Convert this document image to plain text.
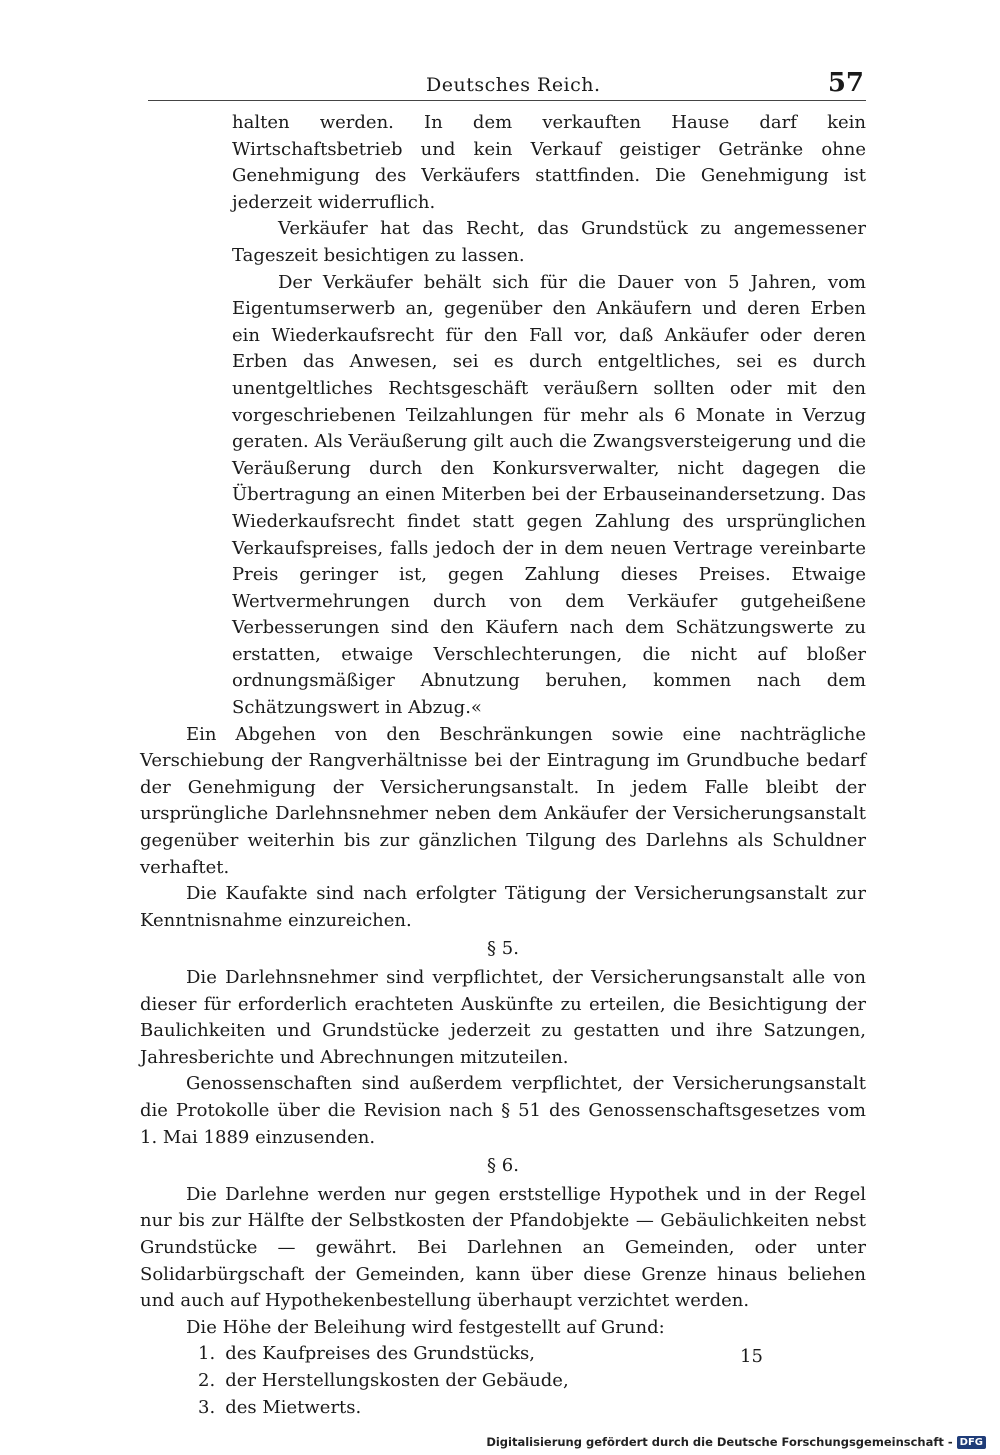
Deutsches Reich.	57

halten werden. In dem verkauften Hause darf kein Wirtschaftsbetrieb und kein Verkauf geistiger Getränke ohne Genehmigung des Verkäufers stattfinden. Die Genehmigung ist jederzeit widerruflich.

Verkäufer hat das Recht, das Grundstück zu angemessener Tageszeit besichtigen zu lassen.

Der Verkäufer behält sich für die Dauer von 5 Jahren, vom Eigentumserwerb an, gegenüber den Ankäufern und deren Erben ein Wiederkaufsrecht für den Fall vor, daß Ankäufer oder deren Erben das Anwesen, sei es durch entgeltliches, sei es durch unentgeltliches Rechtsgeschäft veräußern sollten oder mit den vorgeschriebenen Teilzahlungen für mehr als 6 Monate in Verzug geraten. Als Veräußerung gilt auch die Zwangsversteigerung und die Veräußerung durch den Konkursverwalter, nicht dagegen die Übertragung an einen Miterben bei der Erbauseinandersetzung. Das Wiederkaufsrecht findet statt gegen Zahlung des ursprünglichen Verkaufspreises, falls jedoch der in dem neuen Vertrage vereinbarte Preis geringer ist, gegen Zahlung dieses Preises. Etwaige Wertvermehrungen durch von dem Verkäufer gutgeheißene Verbesserungen sind den Käufern nach dem Schätzungswerte zu erstatten, etwaige Verschlechterungen, die nicht auf bloßer ordnungsmäßiger Abnutzung beruhen, kommen nach dem Schätzungswert in Abzug.«

Ein Abgehen von den Beschränkungen sowie eine nachträgliche Verschiebung der Rangverhältnisse bei der Eintragung im Grundbuche bedarf der Genehmigung der Versicherungsanstalt. In jedem Falle bleibt der ursprüngliche Darlehnsnehmer neben dem Ankäufer der Versicherungsanstalt gegenüber weiterhin bis zur gänzlichen Tilgung des Darlehns als Schuldner verhaftet.

Die Kaufakte sind nach erfolgter Tätigung der Versicherungsanstalt zur Kenntnisnahme einzureichen.

§ 5.

Die Darlehnsnehmer sind verpflichtet, der Versicherungsanstalt alle von dieser für erforderlich erachteten Auskünfte zu erteilen, die Besichtigung der Baulichkeiten und Grundstücke jederzeit zu gestatten und ihre Satzungen, Jahresberichte und Abrechnungen mitzuteilen.

Genossenschaften sind außerdem verpflichtet, der Versicherungsanstalt die Protokolle über die Revision nach § 51 des Genossenschaftsgesetzes vom 1. Mai 1889 einzusenden.

§ 6.

Die Darlehne werden nur gegen erststellige Hypothek und in der Regel nur bis zur Hälfte der Selbstkosten der Pfandobjekte — Gebäulichkeiten nebst Grundstücke — gewährt. Bei Darlehnen an Gemeinden, oder unter Solidarbürgschaft der Gemeinden, kann über diese Grenze hinaus beliehen und auch auf Hypothekenbestellung überhaupt verzichtet werden.

Die Höhe der Beleihung wird festgestellt auf Grund:

1. des Kaufpreises des Grundstücks,
2. der Herstellungskosten der Gebäude,
3. des Mietwerts.
15
Digitalisierung gefördert durch die Deutsche Forschungsgemeinschaft - DFG
